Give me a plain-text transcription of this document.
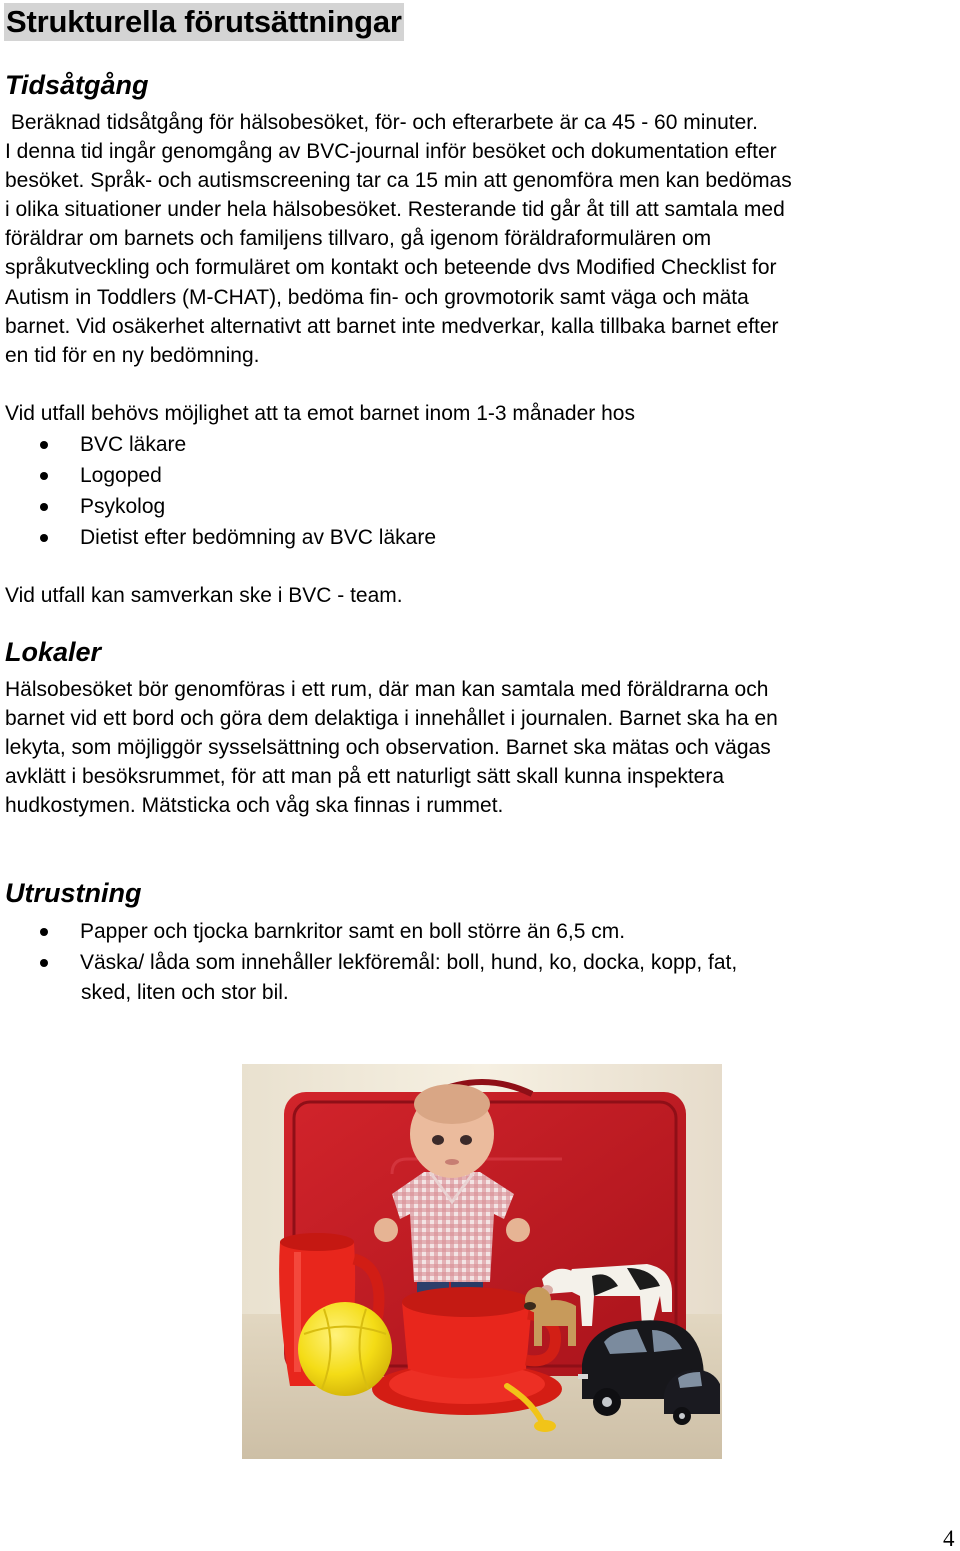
Strukturella förutsättningar
Tidsåtgång
Beräknad tidsåtgång för hälsobesöket, för- och efterarbete är ca 45 - 60 minuter.
I denna tid ingår genomgång av BVC-journal inför besöket och dokumentation efter
besöket. Språk- och autismscreening tar ca 15 min att genomföra men kan bedömas
i olika situationer under hela hälsobesöket. Resterande tid går åt till att samtala med
föräldrar om barnets och familjens tillvaro, gå igenom föräldraformulären om
språkutveckling och formuläret om kontakt och beteende dvs Modified Checklist for
Autism in Toddlers (M-CHAT), bedöma fin- och grovmotorik samt väga och mäta
barnet. Vid osäkerhet alternativt att barnet inte medverkar, kalla tillbaka barnet efter
en tid för en ny bedömning.
Vid utfall behövs möjlighet att ta emot barnet inom 1-3 månader hos
BVC läkare
Logoped
Psykolog
Dietist efter bedömning av BVC läkare
Vid utfall kan samverkan ske i BVC - team.
Lokaler
Hälsobesöket bör genomföras i ett rum, där man kan samtala med föräldrarna och
barnet vid ett bord och göra dem delaktiga i innehållet i journalen. Barnet ska ha en
lekyta, som möjliggör sysselsättning och observation. Barnet ska mätas och vägas
avklätt i besöksrummet, för att man på ett naturligt sätt skall kunna inspektera
hudkostymen. Mätsticka och våg ska finnas i rummet.
Utrustning
Papper och tjocka barnkritor samt en boll större än 6,5 cm.
Väska/ låda som innehåller lekföremål: boll, hund, ko, docka, kopp, fat,
sked, liten och stor bil.
4
